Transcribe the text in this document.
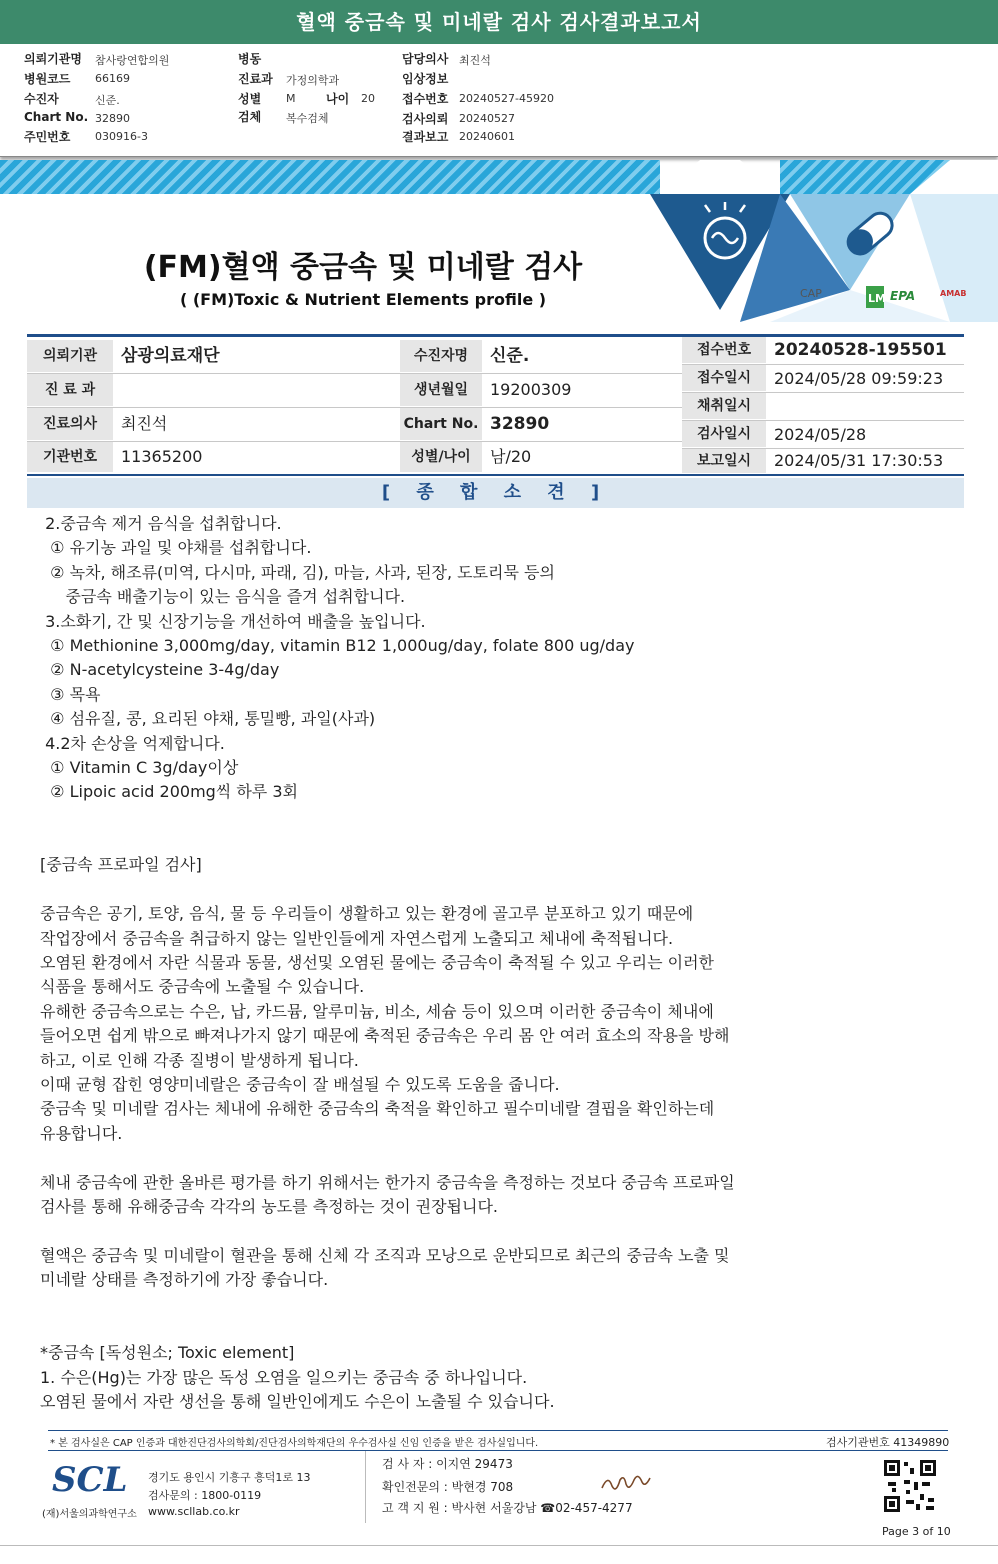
혈액 중금속 및 미네랄 검사 검사결과보고서
의뢰기관명 참사랑연합의원
병원코드 66169
수진자	신준.
Chart No. 32890
주민번호 030916-3
병동
진료과 가정의학과
성별 M	나이 20
검체 복수검체
담당의사 최진석
임상정보
접수번호 20240527-45920
검사의뢰 20240527
결과보고 20240601
CAP	LM EPA	AMAB
(FM)혈액 중금속 및 미네랄 검사
( (FM)Toxic & Nutrient Elements profile )
의뢰기관	삼광의료재단
진 료 과
진료의사	최진석
기관번호	11365200
수진자명	신준.
생년월일	19200309
Chart No. 32890
성별/나이	남/20
접수번호	20240528-195501
접수일시	2024/05/28 09:59:23
채취일시
검사일시	2024/05/28
보고일시	2024/05/31 17:30:53
[ 종 합 소 견 ]
2.중금속 제거 음식을 섭취합니다.
① 유기농 과일 및 야채를 섭취합니다.
② 녹차, 해조류(미역, 다시마, 파래, 김), 마늘, 사과, 된장, 도토리묵 등의
중금속 배출기능이 있는 음식을 즐겨 섭취합니다.
3.소화기, 간 및 신장기능을 개선하여 배출을 높입니다.
① Methionine 3,000mg/day, vitamin B12 1,000ug/day, folate 800 ug/day
② N-acetylcysteine 3-4g/day
③ 목욕
④ 섬유질, 콩, 요리된 야채, 통밀빵, 과일(사과)
4.2차 손상을 억제합니다.
① Vitamin C 3g/day이상
② Lipoic acid 200mg씩 하루 3회
[중금속 프로파일 검사]
중금속은 공기, 토양, 음식, 물 등 우리들이 생활하고 있는 환경에 골고루 분포하고 있기 때문에
작업장에서 중금속을 취급하지 않는 일반인들에게 자연스럽게 노출되고 체내에 축적됩니다.
오염된 환경에서 자란 식물과 동물, 생선및 오염된 물에는 중금속이 축적될 수 있고 우리는 이러한
식품을 통해서도 중금속에 노출될 수 있습니다.
유해한 중금속으로는 수은, 납, 카드뮴, 알루미늄, 비소, 세슘 등이 있으며 이러한 중금속이 체내에
들어오면 쉽게 밖으로 빠져나가지 않기 때문에 축적된 중금속은 우리 몸 안 여러 효소의 작용을 방해
하고, 이로 인해 각종 질병이 발생하게 됩니다.
이때 균형 잡힌 영양미네랄은 중금속이 잘 배설될 수 있도록 도움을 줍니다.
중금속 및 미네랄 검사는 체내에 유해한 중금속의 축적을 확인하고 필수미네랄 결핍을 확인하는데
유용합니다.
체내 중금속에 관한 올바른 평가를 하기 위해서는 한가지 중금속을 측정하는 것보다 중금속 프로파일
검사를 통해 유해중금속 각각의 농도를 측정하는 것이 권장됩니다.
혈액은 중금속 및 미네랄이 혈관을 통해 신체 각 조직과 모낭으로 운반되므로 최근의 중금속 노출 및
미네랄 상태를 측정하기에 가장 좋습니다.
*중금속 [독성원소; Toxic element]
1. 수은(Hg)는 가장 많은 독성 오염을 일으키는 중금속 중 하나입니다.
오염된 물에서 자란 생선을 통해 일반인에게도 수은이 노출될 수 있습니다.
* 본 검사실은 CAP 인증과 대한진단검사의학회/진단검사의학재단의 우수검사실 신임 인증을 받은 검사실입니다.	검사기관번호 41349890
SCL
(재)서울의과학연구소
경기도 용인시 기흥구 흥덕1로 13
검사문의 : 1800-0119
www.scllab.co.kr
검 사 자 : 이지연 29473
확인전문의 : 박현경 708
고 객 지 원 : 박사현 서울강남 ☎02-457-4277
Page 3 of 10
